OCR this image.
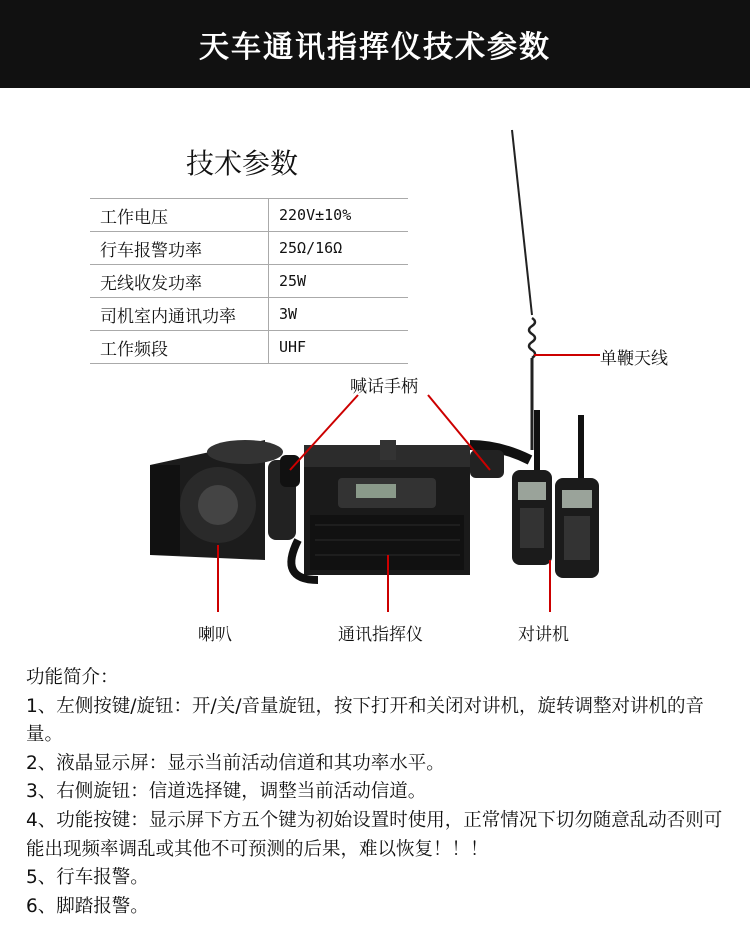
天车通讯指挥仪技术参数
技术参数
工作电压	220V±10%
行车报警功率	25Ω/16Ω
无线收发功率	25W
司机室内通讯功率	3W
工作频段	UHF
单鞭天线
喊话手柄
喇叭	通讯指挥仪	对讲机

功能简介：

1、左侧按键/旋钮：开/关/音量旋钮，按下打开和关闭对讲机，旋转调整对讲机的音量。

2、液晶显示屏：显示当前活动信道和其功率水平。

3、右侧旋钮：信道选择键，调整当前活动信道。

4、功能按键：显示屏下方五个键为初始设置时使用，正常情况下切勿随意乱动否则可能出现频率调乱或其他不可预测的后果，难以恢复！！！

5、行车报警。

6、脚踏报警。
